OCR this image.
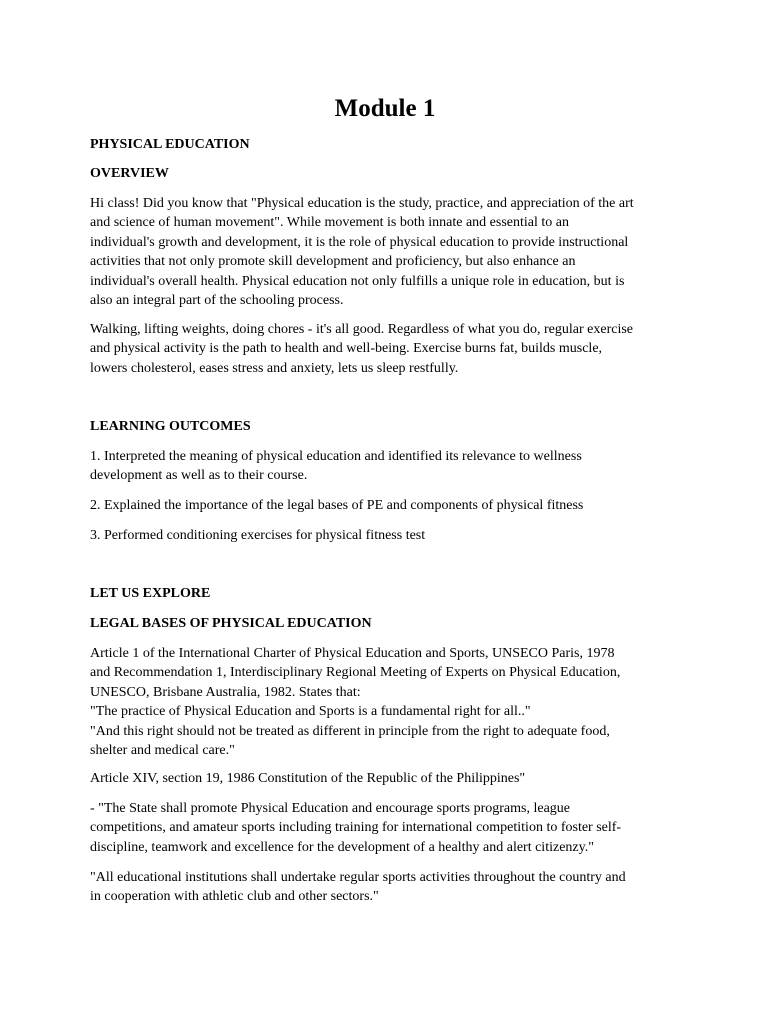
Module 1
PHYSICAL EDUCATION
OVERVIEW
Hi class! Did you know that "Physical education is the study, practice, and appreciation of the art
and science of human movement". While movement is both innate and essential to an
individual's growth and development, it is the role of physical education to provide instructional
activities that not only promote skill development and proficiency, but also enhance an
individual's overall health. Physical education not only fulfills a unique role in education, but is
also an integral part of the schooling process.
Walking, lifting weights, doing chores - it's all good. Regardless of what you do, regular exercise
and physical activity is the path to health and well-being. Exercise burns fat, builds muscle,
lowers cholesterol, eases stress and anxiety, lets us sleep restfully.
LEARNING OUTCOMES
1. Interpreted the meaning of physical education and identified its relevance to wellness
development as well as to their course.
2. Explained the importance of the legal bases of PE and components of physical fitness
3. Performed conditioning exercises for physical fitness test
LET US EXPLORE
LEGAL BASES OF PHYSICAL EDUCATION
Article 1 of the International Charter of Physical Education and Sports, UNSECO Paris, 1978
and Recommendation 1, Interdisciplinary Regional Meeting of Experts on Physical Education,
UNESCO, Brisbane Australia, 1982. States that:
"The practice of Physical Education and Sports is a fundamental right for all.."
"And this right should not be treated as different in principle from the right to adequate food,
shelter and medical care."
Article XIV, section 19, 1986 Constitution of the Republic of the Philippines"
- "The State shall promote Physical Education and encourage sports programs, league
competitions, and amateur sports including training for international competition to foster self-
discipline, teamwork and excellence for the development of a healthy and alert citizenzy."
"All educational institutions shall undertake regular sports activities throughout the country and
in cooperation with athletic club and other sectors."
